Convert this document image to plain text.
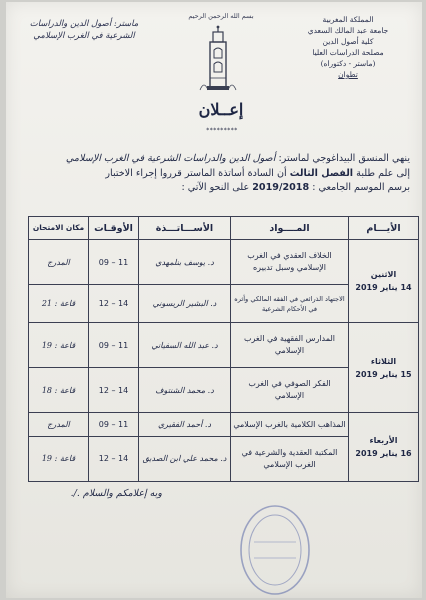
المملكة المغربية
جامعة عبد المالك السعدي
كلية أصول الدين
مصلحة الدراسات العليا
(ماستر - دكتوراه)
تطوان
بسم الله الرحمن الرحيم
ماستر: أصول الدين والدراسات
الشرعية في الغرب الإسلامي
إعــلان
*********
ينهي المنسق البيداغوجي لماستر: أصول الدين والدراسات الشرعية في الغرب الإسلامي
إلى علم طلبة الفصل الثالث أن السادة أساتذة الماستر قرروا إجراء الاختبار
برسم الموسم الجامعي : 2019/2018 على النحو الآتي :
الأيـــام	المــــواد	الأســـاتـــذة	الأوقـات	مكان الامتحان

الاثنين
14 يناير 2019	الخلاف العقدي في الغرب الإسلامي وسبل تدبيره	د. يوسف بنلمهدي	11 – 09	المدرج
	الاجتهاد الذرائعي في الفقه المالكي وأثره في الأحكام الشرعية	د. البشير الريسوني	14 – 12	قاعة : 21

الثلاثاء
15 يناير 2019	المدارس الفقهية في الغرب الإسلامي	د. عبد الله السفياني	11 – 09	قاعة : 19
	الفكر الصوفي في الغرب الإسلامي	د. محمد الشنتوف	14 – 12	قاعة : 18

الأربعاء
16 يناير 2019	المذاهب الكلامية بالغرب الإسلامي	د. أحمد الفقيري	11 – 09	المدرج
	المكتبة العقدية والشرعية في الغرب الإسلامي	د. محمد علي ابن الصديق	14 – 12	قاعة : 19
وبه إعلامكم والسلام ./.
